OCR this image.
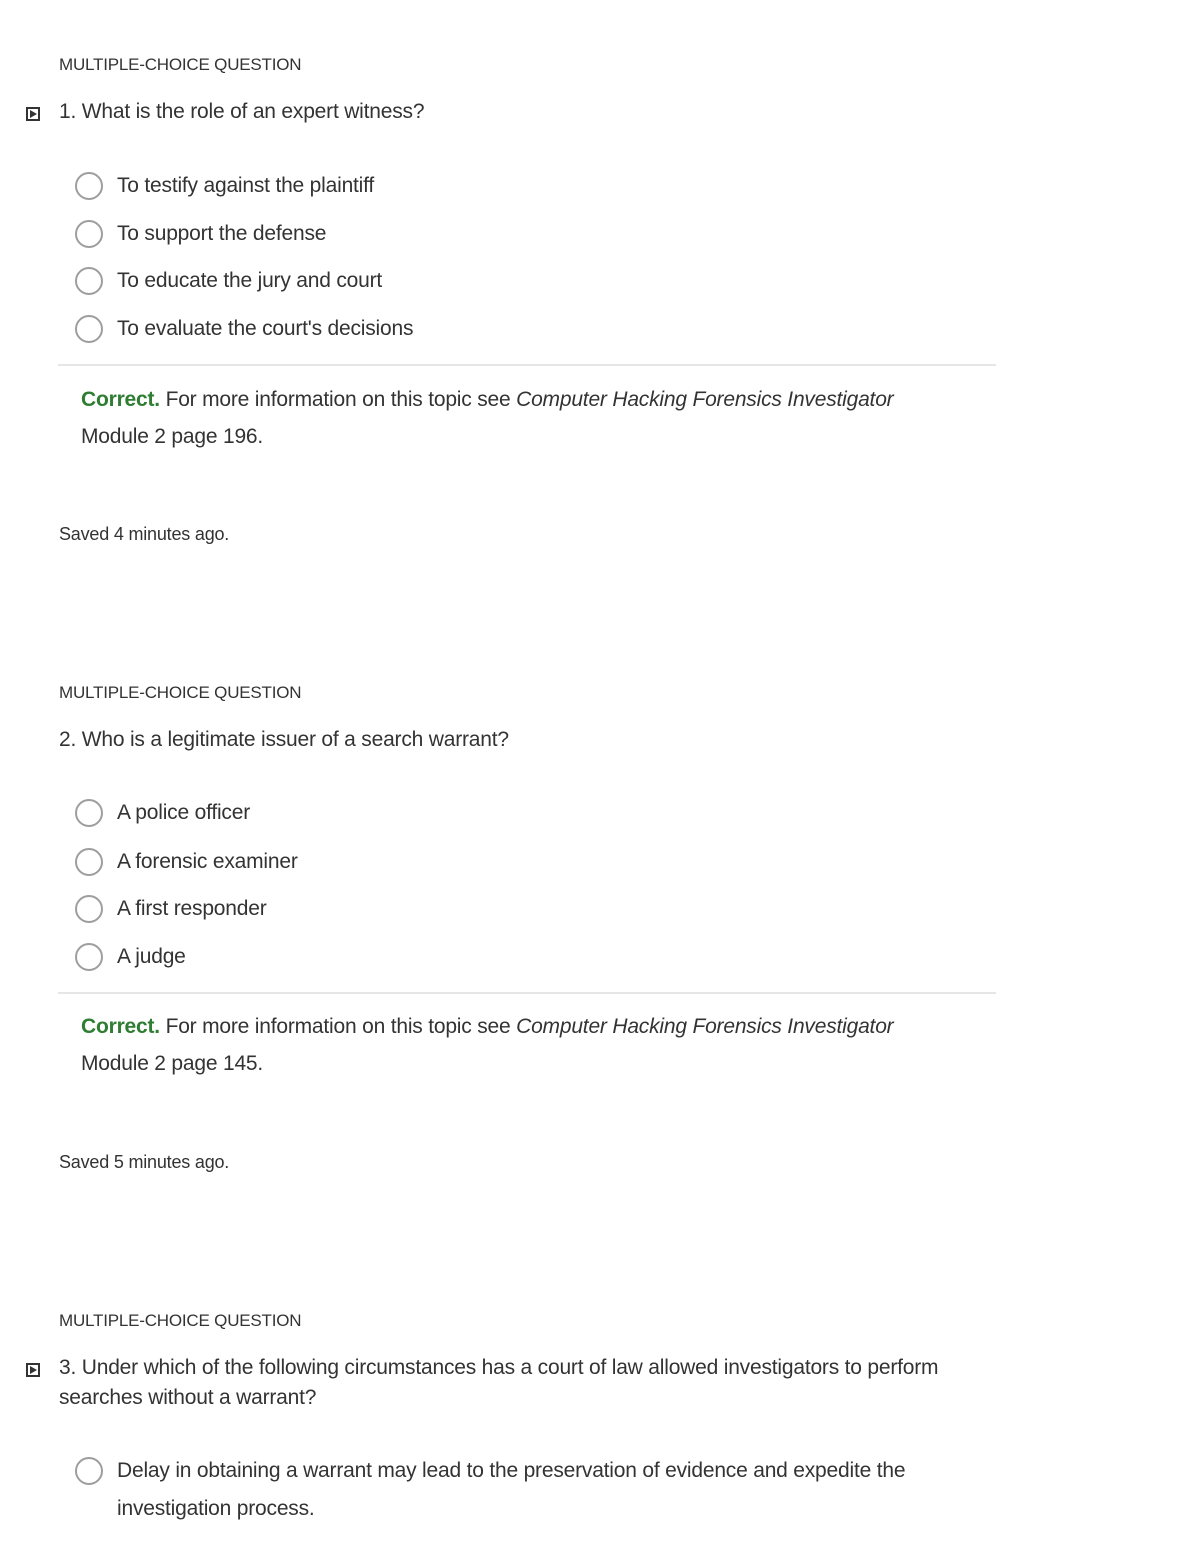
MULTIPLE-CHOICE QUESTION
1. What is the role of an expert witness?
To testify against the plaintiff
To support the defense
To educate the jury and court
To evaluate the court's decisions
Correct. For more information on this topic see Computer Hacking Forensics Investigator Module 2 page 196.
Saved 4 minutes ago.
MULTIPLE-CHOICE QUESTION
2. Who is a legitimate issuer of a search warrant?
A police officer
A forensic examiner
A first responder
A judge
Correct. For more information on this topic see Computer Hacking Forensics Investigator Module 2 page 145.
Saved 5 minutes ago.
MULTIPLE-CHOICE QUESTION
3. Under which of the following circumstances has a court of law allowed investigators to perform searches without a warrant?
Delay in obtaining a warrant may lead to the preservation of evidence and expedite the investigation process.
